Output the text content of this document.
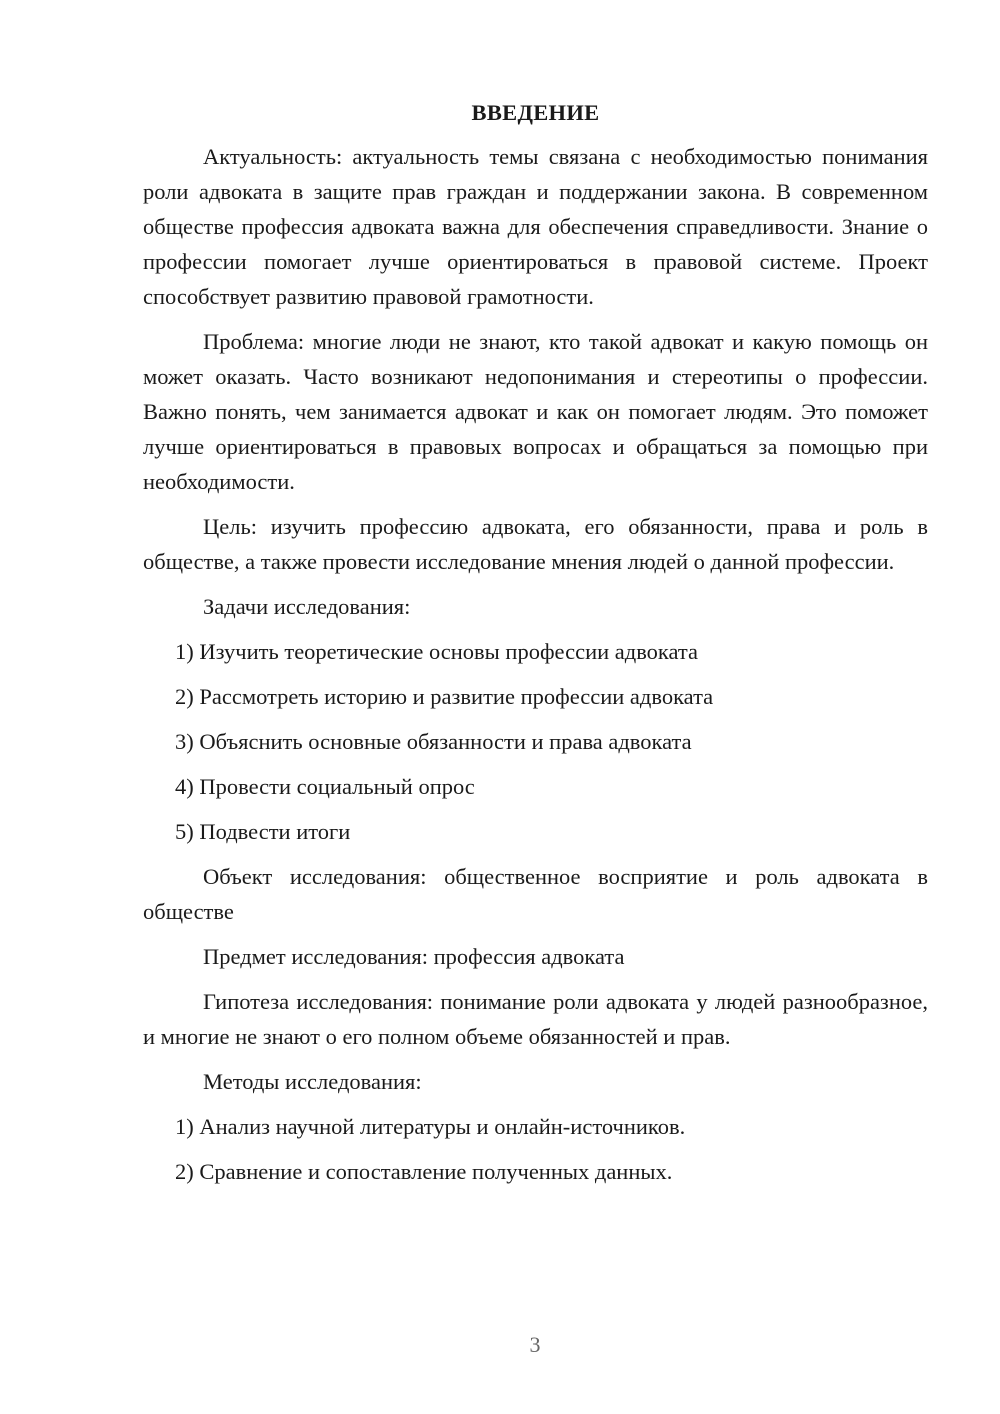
ВВЕДЕНИЕ

Актуальность: актуальность темы связана с необходимостью понимания роли адвоката в защите прав граждан и поддержании закона. В современном обществе профессия адвоката важна для обеспечения справедливости. Знание о профессии помогает лучше ориентироваться в правовой системе. Проект способствует развитию правовой грамотности.

Проблема: многие люди не знают, кто такой адвокат и какую помощь он может оказать. Часто возникают недопонимания и стереотипы о профессии. Важно понять, чем занимается адвокат и как он помогает людям. Это поможет лучше ориентироваться в правовых вопросах и обращаться за помощью при необходимости.

Цель: изучить профессию адвоката, его обязанности, права и роль в обществе, а также провести исследование мнения людей о данной профессии.

Задачи исследования:

1) Изучить теоретические основы профессии адвоката

2) Рассмотреть историю и развитие профессии адвоката

3) Объяснить основные обязанности и права адвоката

4) Провести социальный опрос

5) Подвести итоги

Объект исследования: общественное восприятие и роль адвоката в обществе

Предмет исследования: профессия адвоката

Гипотеза исследования: понимание роли адвоката у людей разнообразное, и многие не знают о его полном объеме обязанностей и прав.

Методы исследования:

1) Анализ научной литературы и онлайн-источников.

2) Сравнение и сопоставление полученных данных.

3
